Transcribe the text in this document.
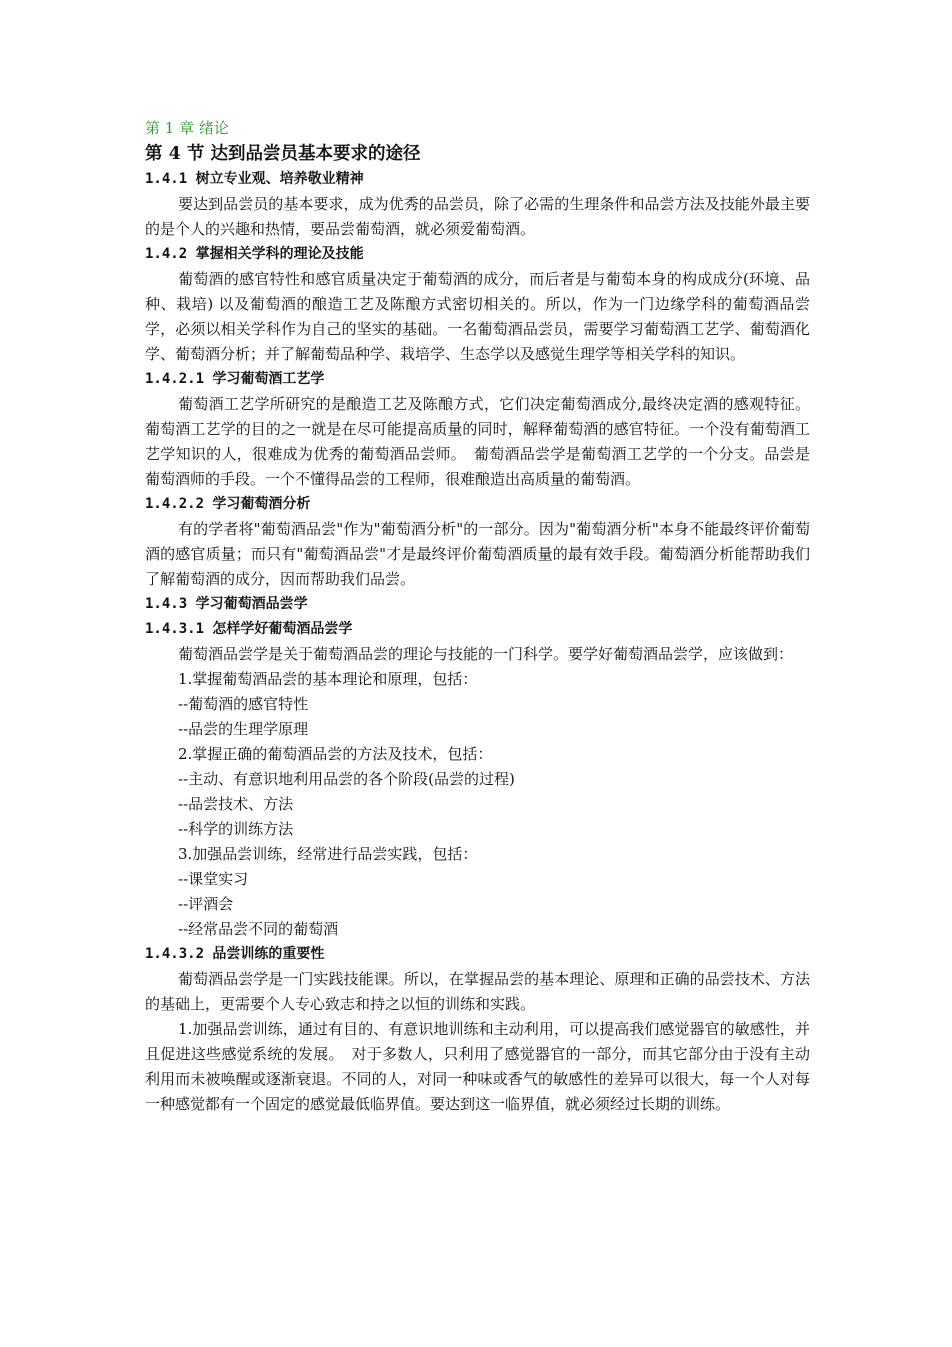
第 1 章 绪论
第 4 节 达到品尝员基本要求的途径
1.4.1 树立专业观、培养敬业精神

要达到品尝员的基本要求，成为优秀的品尝员，除了必需的生理条件和品尝方法及技能外最主要的是个人的兴趣和热情，要品尝葡萄酒，就必须爱葡萄酒。

1.4.2 掌握相关学科的理论及技能

葡萄酒的感官特性和感官质量决定于葡萄酒的成分，而后者是与葡萄本身的构成成分(环境、品种、栽培) 以及葡萄酒的酿造工艺及陈酿方式密切相关的。所以，作为一门边缘学科的葡萄酒品尝学，必须以相关学科作为自己的坚实的基础。一名葡萄酒品尝员，需要学习葡萄酒工艺学、葡萄酒化学、葡萄酒分析；并了解葡萄品种学、栽培学、生态学以及感觉生理学等相关学科的知识。

1.4.2.1 学习葡萄酒工艺学

葡萄酒工艺学所研究的是酿造工艺及陈酿方式，它们决定葡萄酒成分,最终决定酒的感观特征。葡萄酒工艺学的目的之一就是在尽可能提高质量的同时，解释葡萄酒的感官特征。一个没有葡萄酒工艺学知识的人，很难成为优秀的葡萄酒品尝师。　葡萄酒品尝学是葡萄酒工艺学的一个分支。品尝是葡萄酒师的手段。一个不懂得品尝的工程师，很难酿造出高质量的葡萄酒。

1.4.2.2 学习葡萄酒分析

有的学者将"葡萄酒品尝"作为"葡萄酒分析"的一部分。因为"葡萄酒分析"本身不能最终评价葡萄酒的感官质量；而只有"葡萄酒品尝"才是最终评价葡萄酒质量的最有效手段。葡萄酒分析能帮助我们了解葡萄酒的成分，因而帮助我们品尝。

1.4.3 学习葡萄酒品尝学
1.4.3.1 怎样学好葡萄酒品尝学

葡萄酒品尝学是关于葡萄酒品尝的理论与技能的一门科学。要学好葡萄酒品尝学，应该做到：

1.掌握葡萄酒品尝的基本理论和原理，包括：

--葡萄酒的感官特性

--品尝的生理学原理

2.掌握正确的葡萄酒品尝的方法及技术，包括：

--主动、有意识地利用品尝的各个阶段(品尝的过程)

--品尝技术、方法

--科学的训练方法

3.加强品尝训练，经常进行品尝实践，包括：

--课堂实习

--评酒会

--经常品尝不同的葡萄酒

1.4.3.2 品尝训练的重要性

葡萄酒品尝学是一门实践技能课。所以，在掌握品尝的基本理论、原理和正确的品尝技术、方法的基础上，更需要个人专心致志和持之以恒的训练和实践。

1.加强品尝训练，通过有目的、有意识地训练和主动利用，可以提高我们感觉器官的敏感性，并且促进这些感觉系统的发展。　对于多数人，只利用了感觉器官的一部分，而其它部分由于没有主动利用而未被唤醒或逐渐衰退。不同的人，对同一种味或香气的敏感性的差异可以很大，每一个人对每一种感觉都有一个固定的感觉最低临界值。要达到这一临界值，就必须经过长期的训练。
